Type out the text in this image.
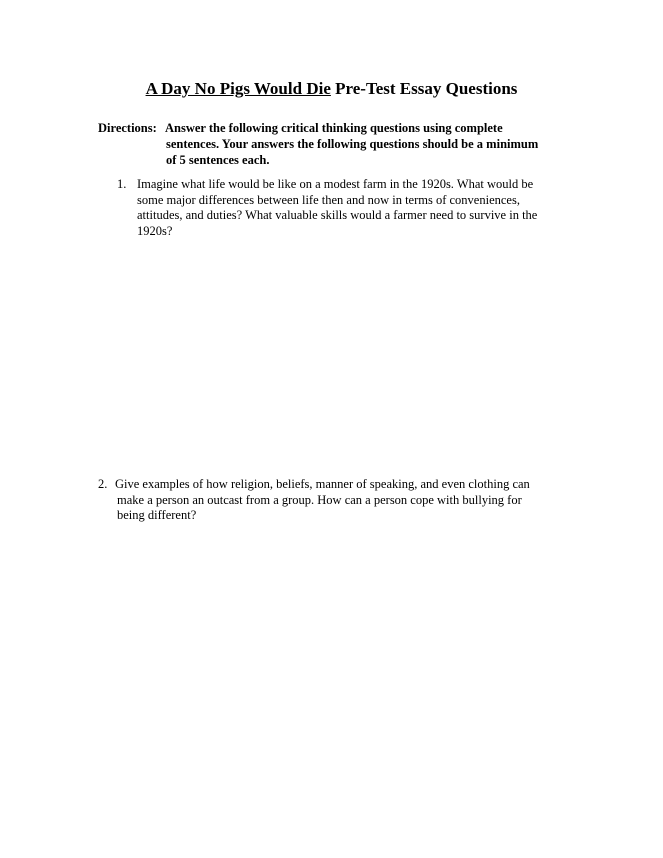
A Day No Pigs Would Die Pre-Test Essay Questions
Directions: Answer the following critical thinking questions using complete
sentences. Your answers the following questions should be a minimum
of 5 sentences each.
1. Imagine what life would be like on a modest farm in the 1920s. What would be
some major differences between life then and now in terms of conveniences,
attitudes, and duties? What valuable skills would a farmer need to survive in the
1920s?
2. Give examples of how religion, beliefs, manner of speaking, and even clothing can
make a person an outcast from a group. How can a person cope with bullying for
being different?
